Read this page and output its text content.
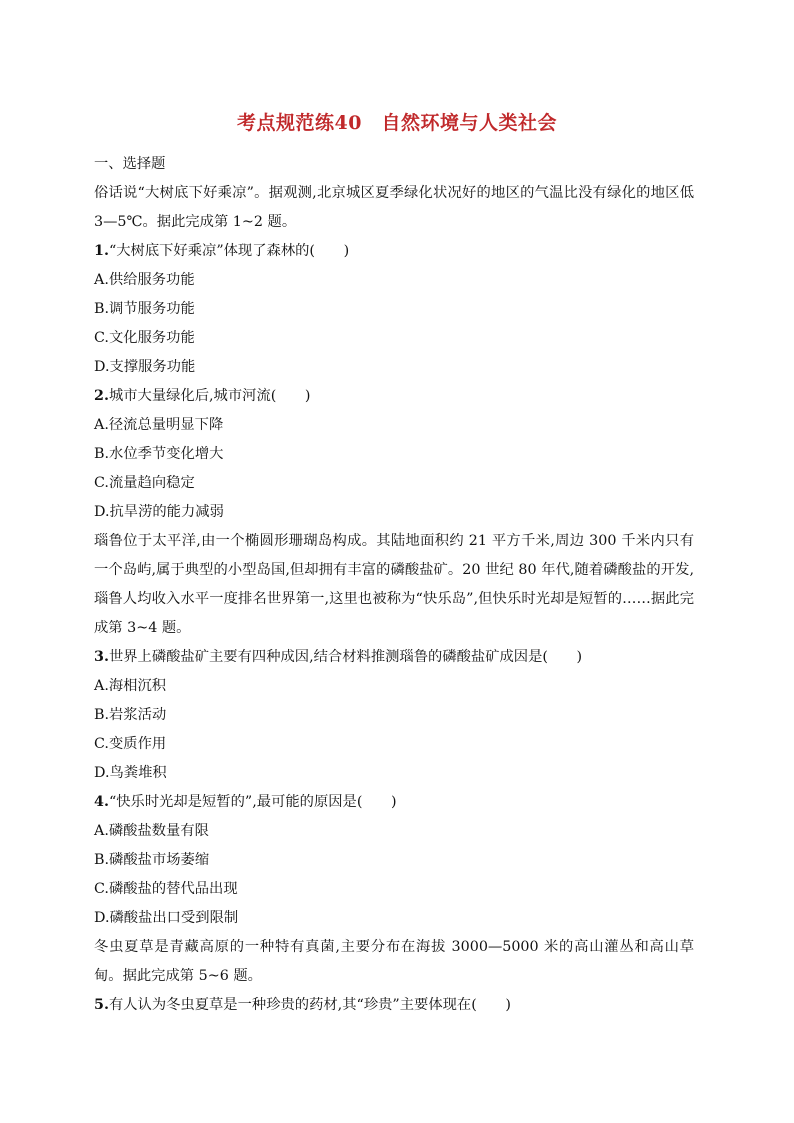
考点规范练40　自然环境与人类社会
一、选择题
俗话说“大树底下好乘凉”。据观测,北京城区夏季绿化状况好的地区的气温比没有绿化的地区低3—5℃。据此完成第 1~2 题。
1.“大树底下好乘凉”体现了森林的(　　)
A.供给服务功能
B.调节服务功能
C.文化服务功能
D.支撑服务功能
2.城市大量绿化后,城市河流(　　)
A.径流总量明显下降
B.水位季节变化增大
C.流量趋向稳定
D.抗旱涝的能力减弱
瑙鲁位于太平洋,由一个椭圆形珊瑚岛构成。其陆地面积约 21 平方千米,周边 300 千米内只有一个岛屿,属于典型的小型岛国,但却拥有丰富的磷酸盐矿。20 世纪 80 年代,随着磷酸盐的开发,瑙鲁人均收入水平一度排名世界第一,这里也被称为“快乐岛”,但快乐时光却是短暂的……据此完成第 3~4 题。
3.世界上磷酸盐矿主要有四种成因,结合材料推测瑙鲁的磷酸盐矿成因是(　　)
A.海相沉积
B.岩浆活动
C.变质作用
D.鸟粪堆积
4.“快乐时光却是短暂的”,最可能的原因是(　　)
A.磷酸盐数量有限
B.磷酸盐市场萎缩
C.磷酸盐的替代品出现
D.磷酸盐出口受到限制
冬虫夏草是青藏高原的一种特有真菌,主要分布在海拔 3000—5000 米的高山灌丛和高山草甸。据此完成第 5~6 题。
5.有人认为冬虫夏草是一种珍贵的药材,其“珍贵”主要体现在(　　)
